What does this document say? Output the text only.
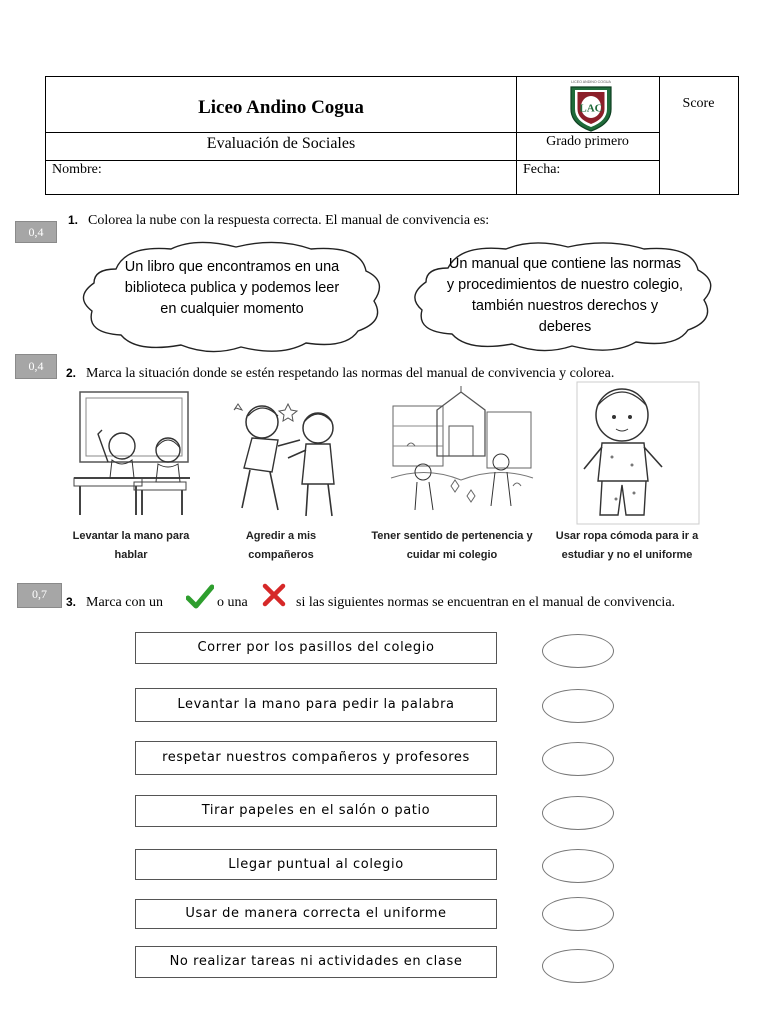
Liceo Andino Cogua
Evaluación de Sociales
Nombre:
Grado primero
Fecha:
Score
LICEO ANDINO COGUA
LAC
0,4
1. Colorea la nube con la respuesta correcta. El manual de convivencia es:
Un libro que encontramos en una biblioteca publica y podemos leer en cualquier momento
Un manual que contiene las normas y procedimientos de nuestro colegio, también nuestros derechos y deberes
0,4	2. Marca la situación donde se estén respetando las normas del manual de convivencia y colorea.
Levantar la mano para hablar
Agredir a mis compañeros
Tener sentido de pertenencia y cuidar mi colegio
Usar ropa cómoda para ir a estudiar y no el uniforme
0,7
3. Marca con un	o una	si las siguientes normas se encuentran en el manual de convivencia.
Correr por los pasillos del colegio
Levantar la mano para pedir la palabra
respetar nuestros compañeros y profesores
Tirar papeles en el salón o patio
Llegar puntual al colegio
Usar de manera correcta el uniforme
No realizar tareas ni actividades en clase
